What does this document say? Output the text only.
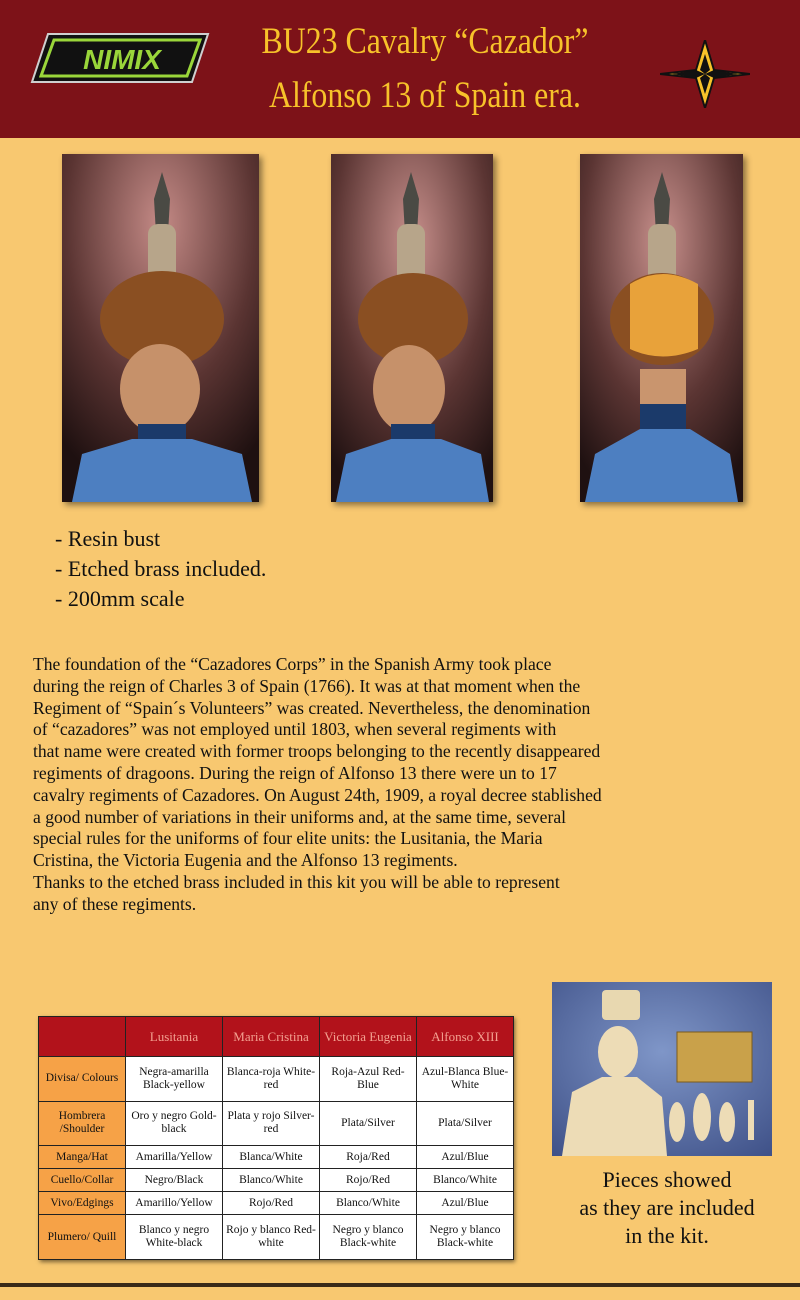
NIMIX	BU23 Cavalry “Cazador”
Alfonso 13 of Spain era.
- Resin bust
- Etched brass included.
- 200mm scale

The foundation of the “Cazadores Corps” in the Spanish Army took place

during the reign of Charles 3 of Spain (1766). It was at that moment when the

Regiment of “Spain´s Volunteers” was created. Nevertheless, the denomination

of “cazadores” was not employed until 1803, when several regiments with

that name were created with former troops belonging to the recently disappeared

regiments of dragoons. During the reign of Alfonso 13 there were un to 17

cavalry regiments of Cazadores. On August 24th, 1909, a royal decree stablished

a good number of variations in their uniforms and, at the same time, several

special rules for the uniforms of four elite units: the Lusitania, the Maria

Cristina, the Victoria Eugenia and the Alfonso 13 regiments.

Thanks to the etched brass included in this kit you will be able to represent

any of these regiments.

	Lusitania	Maria Cristina	Victoria Eugenia	Alfonso XIII
Divisa/ Colours	Negra-amarilla Black-yellow	Blanca-roja White-red	Roja-Azul Red-Blue	Azul-Blanca Blue-White
Hombrera /Shoulder	Oro y negro Gold-black	Plata y rojo Silver-red	Plata/Silver	Plata/Silver
Manga/Hat	Amarilla/Yellow	Blanca/White	Roja/Red	Azul/Blue
Cuello/Collar	Negro/Black	Blanco/White	Rojo/Red	Blanco/White
Vivo/Edgings	Amarillo/Yellow	Rojo/Red	Blanco/White	Azul/Blue
Plumero/ Quill	Blanco y negro White-black	Rojo y blanco Red-white	Negro y blanco Black-white	Negro y blanco Black-white
Pieces showed
as they are included
in the kit.
